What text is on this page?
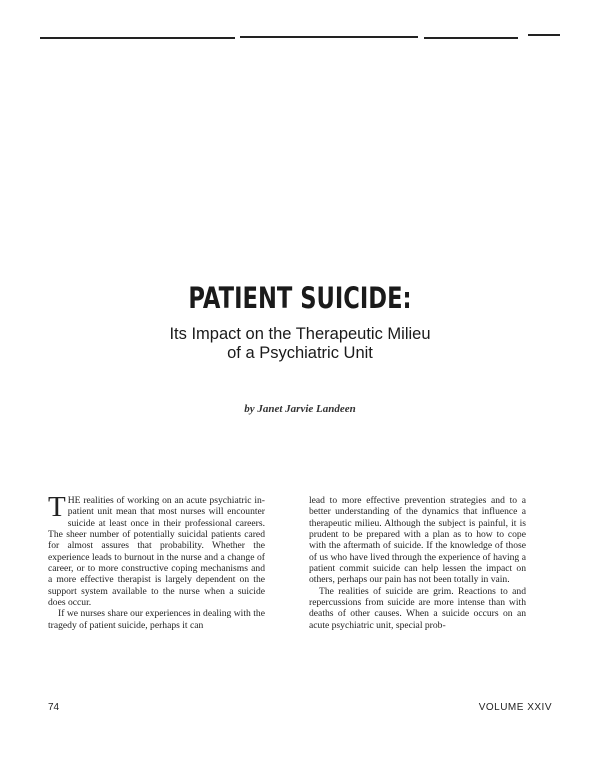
PATIENT SUICIDE:
Its Impact on the Therapeutic Milieu
of a Psychiatric Unit
by Janet Jarvie Landeen

THE realities of working on an acute psychiatric in-patient unit mean that most nurses will encounter suicide at least once in their professional careers. The sheer number of potentially suicidal patients cared for almost assures that probability. Whether the experience leads to burnout in the nurse and a change of career, or to more constructive coping mechanisms and a more effective therapist is largely dependent on the support system available to the nurse when a suicide does occur.

If we nurses share our experiences in dealing with the tragedy of patient suicide, perhaps it can

lead to more effective prevention strategies and to a better understanding of the dynamics that influence a therapeutic milieu. Although the subject is painful, it is prudent to be prepared with a plan as to how to cope with the aftermath of suicide. If the knowledge of those of us who have lived through the experience of having a patient commit suicide can help lessen the impact on others, perhaps our pain has not been totally in vain.

The realities of suicide are grim. Reactions to and repercussions from suicide are more intense than with deaths of other causes. When a suicide occurs on an acute psychiatric unit, special prob-

74	VOLUME XXIV
